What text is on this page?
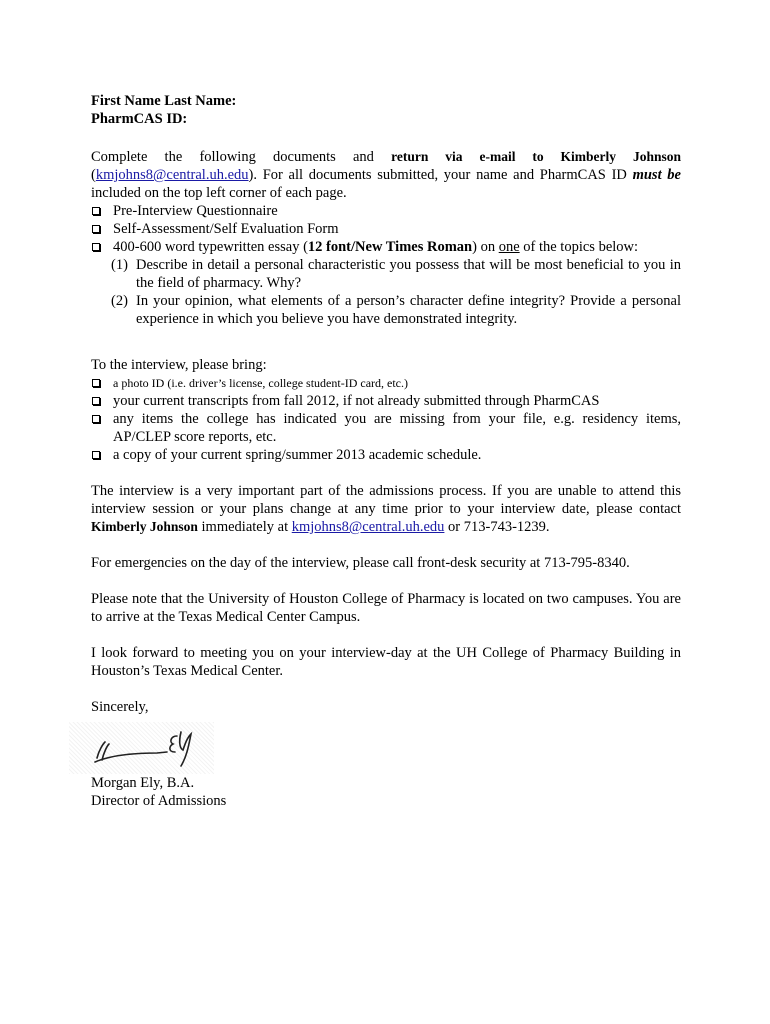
First Name Last Name:

PharmCAS ID:

Complete the following documents and return via e-mail to Kimberly Johnson (kmjohns8@central.uh.edu). For all documents submitted, your name and PharmCAS ID must be included on the top left corner of each page.

Pre-Interview Questionnaire
Self-Assessment/Self Evaluation Form
400-600 word typewritten essay (12 font/New Times Roman) on one of the topics below:
(1) Describe in detail a personal characteristic you possess that will be most beneficial to you in the field of pharmacy. Why?
(2) In your opinion, what elements of a person’s character define integrity? Provide a personal experience in which you believe you have demonstrated integrity.

To the interview, please bring:

a photo ID (i.e. driver’s license, college student-ID card, etc.)
your current transcripts from fall 2012, if not already submitted through PharmCAS
any items the college has indicated you are missing from your file, e.g. residency items, AP/CLEP score reports, etc.
a copy of your current spring/summer 2013 academic schedule.

The interview is a very important part of the admissions process. If you are unable to attend this interview session or your plans change at any time prior to your interview date, please contact Kimberly Johnson immediately at kmjohns8@central.uh.edu or 713-743-1239.

For emergencies on the day of the interview, please call front-desk security at 713-795-8340.

Please note that the University of Houston College of Pharmacy is located on two campuses. You are to arrive at the Texas Medical Center Campus.

I look forward to meeting you on your interview-day at the UH College of Pharmacy Building in Houston’s Texas Medical Center.

Sincerely,

Morgan Ely, B.A.

Director of Admissions
